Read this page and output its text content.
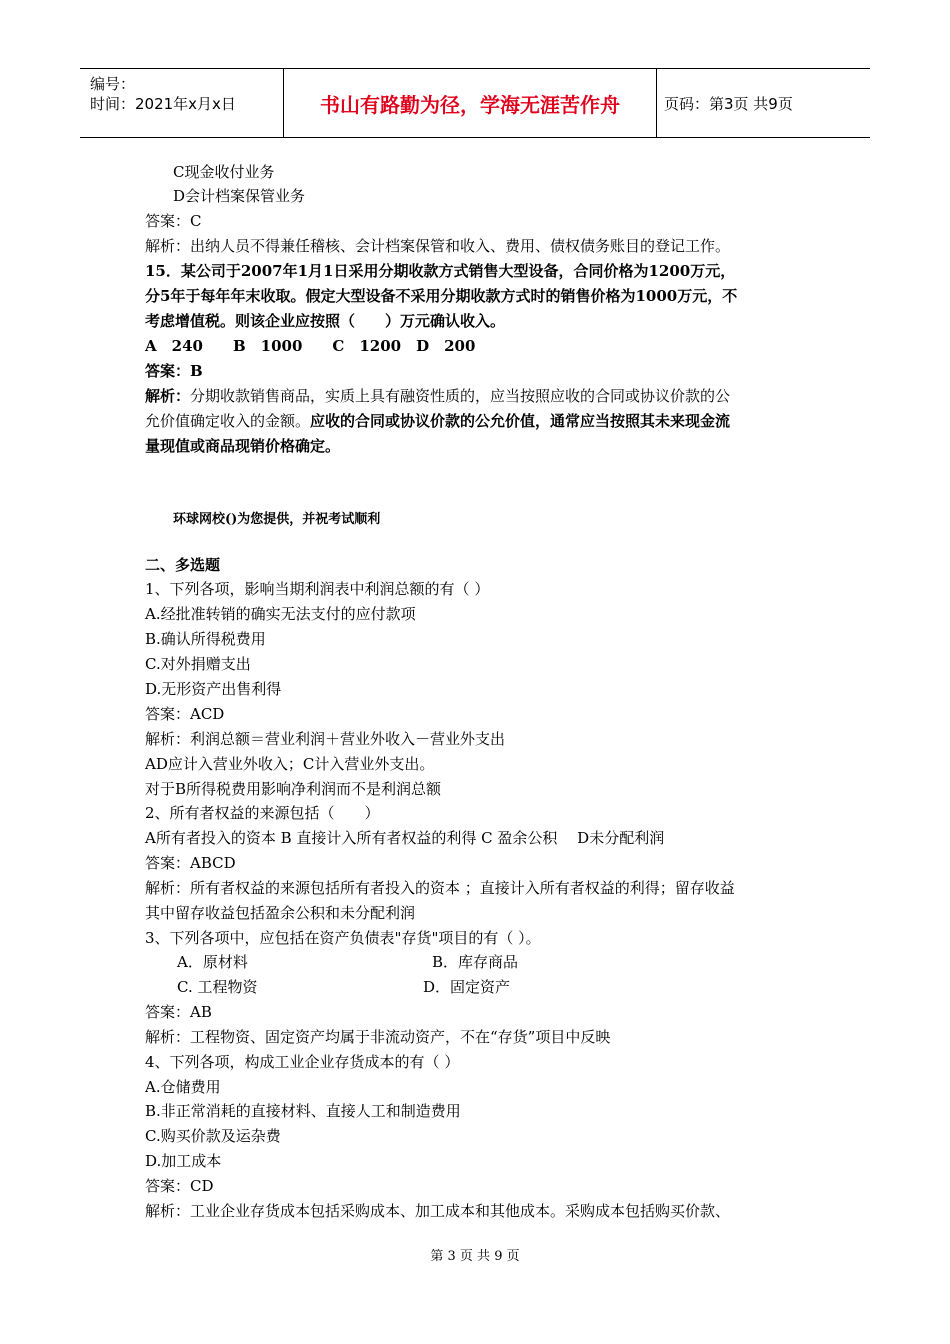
编号：
时间：2021年x月x日	书山有路勤为径，学海无涯苦作舟	页码：第3页 共9页
C现金收付业务
D会计档案保管业务
答案：C
解析：出纳人员不得兼任稽核、会计档案保管和收入、费用、债权债务账目的登记工作。
15．某公司于2007年1月1日采用分期收款方式销售大型设备，合同价格为1200万元，
分5年于每年年末收取。假定大型设备不采用分期收款方式时的销售价格为1000万元，不
考虑增值税。则该企业应按照（　　）万元确认收入。
A　240　　B　1000　　C　1200　D　200
答案：B
解析：分期收款销售商品，实质上具有融资性质的，应当按照应收的合同或协议价款的公
允价值确定收入的金额。应收的合同或协议价款的公允价值，通常应当按照其未来现金流
量现值或商品现销价格确定。
环球网校()为您提供，并祝考试顺利
二、多选题
1、下列各项，影响当期利润表中利润总额的有（ ）
A.经批准转销的确实无法支付的应付款项
B.确认所得税费用
C.对外捐赠支出
D.无形资产出售利得
答案：ACD
解析：利润总额＝营业利润＋营业外收入－营业外支出
AD应计入营业外收入；C计入营业外支出。
对于B所得税费用影响净利润而不是利润总额
2、所有者权益的来源包括（　　）
A所有者投入的资本 B 直接计入所有者权益的利得 C 盈余公积　 D未分配利润
答案：ABCD
解析：所有者权益的来源包括所有者投入的资本 ；直接计入所有者权益的利得；留存收益
其中留存收益包括盈余公积和未分配利润
3、下列各项中，应包括在资产负债表"存货"项目的有（ ）。
A．原材料	B．库存商品
C. 工程物资	D．固定资产
答案：AB
解析：工程物资、固定资产均属于非流动资产，不在“存货”项目中反映
4、下列各项，构成工业企业存货成本的有（ ）
A.仓储费用
B.非正常消耗的直接材料、直接人工和制造费用
C.购买价款及运杂费
D.加工成本
答案：CD
解析：工业企业存货成本包括采购成本、加工成本和其他成本。采购成本包括购买价款、
第 3 页 共 9 页
